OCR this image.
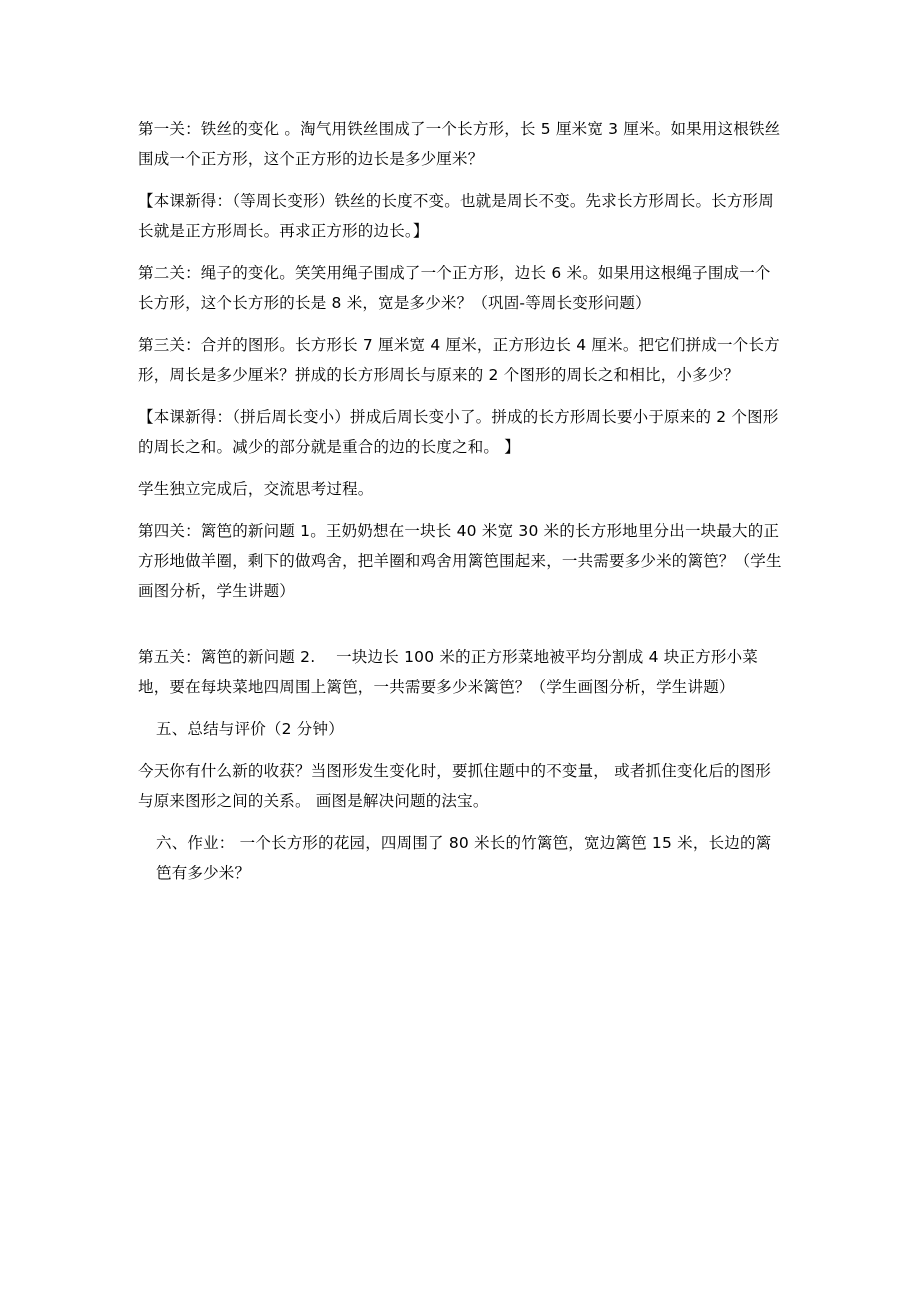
第一关：铁丝的变化 。淘气用铁丝围成了一个长方形，长 5 厘米宽 3 厘米。如果用这根铁丝围成一个正方形，这个正方形的边长是多少厘米？

【本课新得：（等周长变形）铁丝的长度不变。也就是周长不变。先求长方形周长。长方形周长就是正方形周长。再求正方形的边长。】

第二关：绳子的变化。笑笑用绳子围成了一个正方形，边长 6 米。如果用这根绳子围成一个长方形，这个长方形的长是 8 米，宽是多少米？（巩固-等周长变形问题）

第三关：合并的图形。长方形长 7 厘米宽 4 厘米，正方形边长 4 厘米。把它们拼成一个长方形，周长是多少厘米？拼成的长方形周长与原来的 2 个图形的周长之和相比，小多少？

【本课新得：（拼后周长变小）拼成后周长变小了。拼成的长方形周长要小于原来的 2 个图形的周长之和。减少的部分就是重合的边的长度之和。 】

学生独立完成后，交流思考过程。

第四关：篱笆的新问题 1。王奶奶想在一块长 40 米宽 30 米的长方形地里分出一块最大的正方形地做羊圈，剩下的做鸡舍，把羊圈和鸡舍用篱笆围起来，一共需要多少米的篱笆？（学生画图分析，学生讲题）

第五关：篱笆的新问题 2.　 一块边长 100 米的正方形菜地被平均分割成 4 块正方形小菜地，要在每块菜地四周围上篱笆，一共需要多少米篱笆？（学生画图分析，学生讲题）

五、总结与评价（2 分钟）

今天你有什么新的收获？当图形发生变化时，要抓住题中的不变量， 或者抓住变化后的图形与原来图形之间的关系。 画图是解决问题的法宝。

六、作业： 一个长方形的花园，四周围了 80 米长的竹篱笆，宽边篱笆 15 米，长边的篱笆有多少米？
